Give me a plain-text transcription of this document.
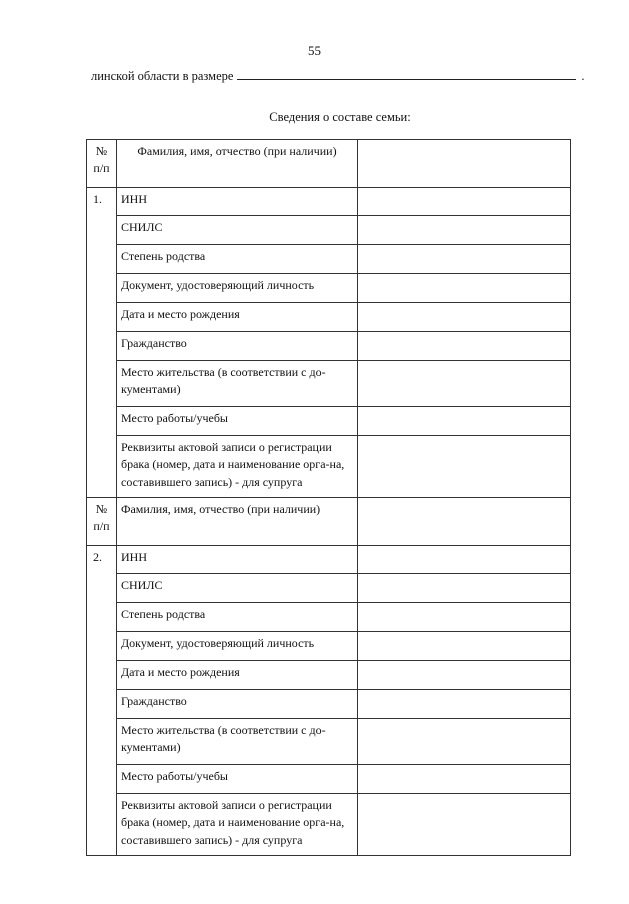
55
линской области в размере	.
Сведения о составе семьи:
№ п/п	Фамилия, имя, отчество (при наличии)	
1.	ИНН	
	СНИЛС	
	Степень родства	
	Документ, удостоверяющий личность	
	Дата и место рождения	
	Гражданство	
	Место жительства (в соответствии с до-кументами)	
	Место работы/учебы	
	Реквизиты актовой записи о регистрации брака (номер, дата и наименование орга-на, составившего запись) - для супруга	
№ п/п	Фамилия, имя, отчество (при наличии)	
2.	ИНН	
	СНИЛС	
	Степень родства	
	Документ, удостоверяющий личность	
	Дата и место рождения	
	Гражданство	
	Место жительства (в соответствии с до-кументами)	
	Место работы/учебы	
	Реквизиты актовой записи о регистрации брака (номер, дата и наименование орга-на, составившего запись) - для супруга	
